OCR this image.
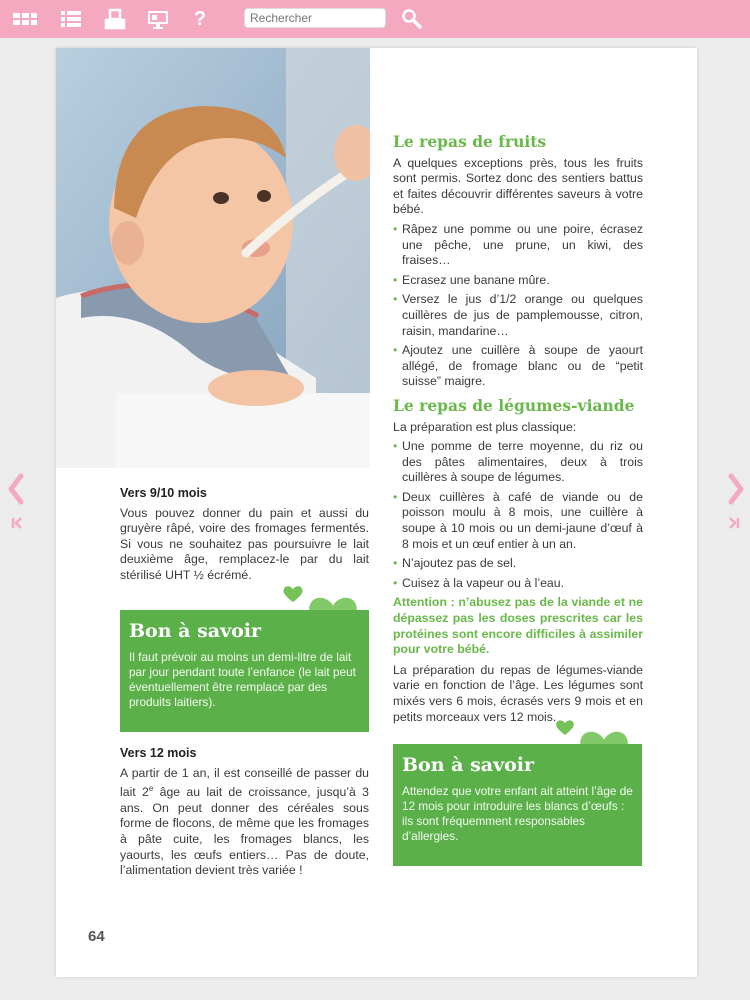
?
Rechercher

Vers 9/10 mois

Vous pouvez donner du pain et aussi du gruyère râpé, voire des fromages fermentés. Si vous ne souhaitez pas poursuivre le lait deuxième âge, remplacez-le par du lait stérilisé UHT ½ écrémé.

Bon à savoir

Il faut prévoir au moins un demi-litre de lait par jour pendant toute l’enfance (le lait peut éventuellement être remplacé par des produits laitiers).

Vers 12 mois

A partir de 1 an, il est conseillé de passer du lait 2e âge au lait de croissance, jusqu’à 3 ans. On peut donner des céréales sous forme de flocons, de même que les fromages à pâte cuite, les fromages blancs, les yaourts, les œufs entiers… Pas de doute, l’alimentation devient très variée !

64

Le repas de fruits

A quelques exceptions près, tous les fruits sont permis. Sortez donc des sentiers battus et faites découvrir différentes saveurs à votre bébé.

• Râpez une pomme ou une poire, écrasez une pêche, une prune, un kiwi, des fraises…
• Ecrasez une banane mûre.
• Versez le jus d’1/2 orange ou quelques cuillères de jus de pamplemousse, citron, raisin, mandarine…
• Ajoutez une cuillère à soupe de yaourt allégé, de fromage blanc ou de “petit suisse” maigre.

Le repas de légumes-viande

La préparation est plus classique:

• Une pomme de terre moyenne, du riz ou des pâtes alimentaires, deux à trois cuillères à soupe de légumes.
• Deux cuillères à café de viande ou de poisson moulu à 8 mois, une cuillère à soupe à 10 mois ou un demi-jaune d’œuf à 8 mois et un œuf entier à un an.
• N’ajoutez pas de sel.
• Cuisez à la vapeur ou à l’eau.

Attention : n’abusez pas de la viande et ne dépassez pas les doses prescrites car les protéines sont encore difficiles à assimiler pour votre bébé.

La préparation du repas de légumes-viande varie en fonction de l’âge. Les légumes sont mixés vers 6 mois, écrasés vers 9 mois et en petits morceaux vers 12 mois.

Bon à savoir

Attendez que votre enfant ait atteint l’âge de 12 mois pour introduire les blancs d’œufs : ils sont fréquemment responsables d’allergies.
